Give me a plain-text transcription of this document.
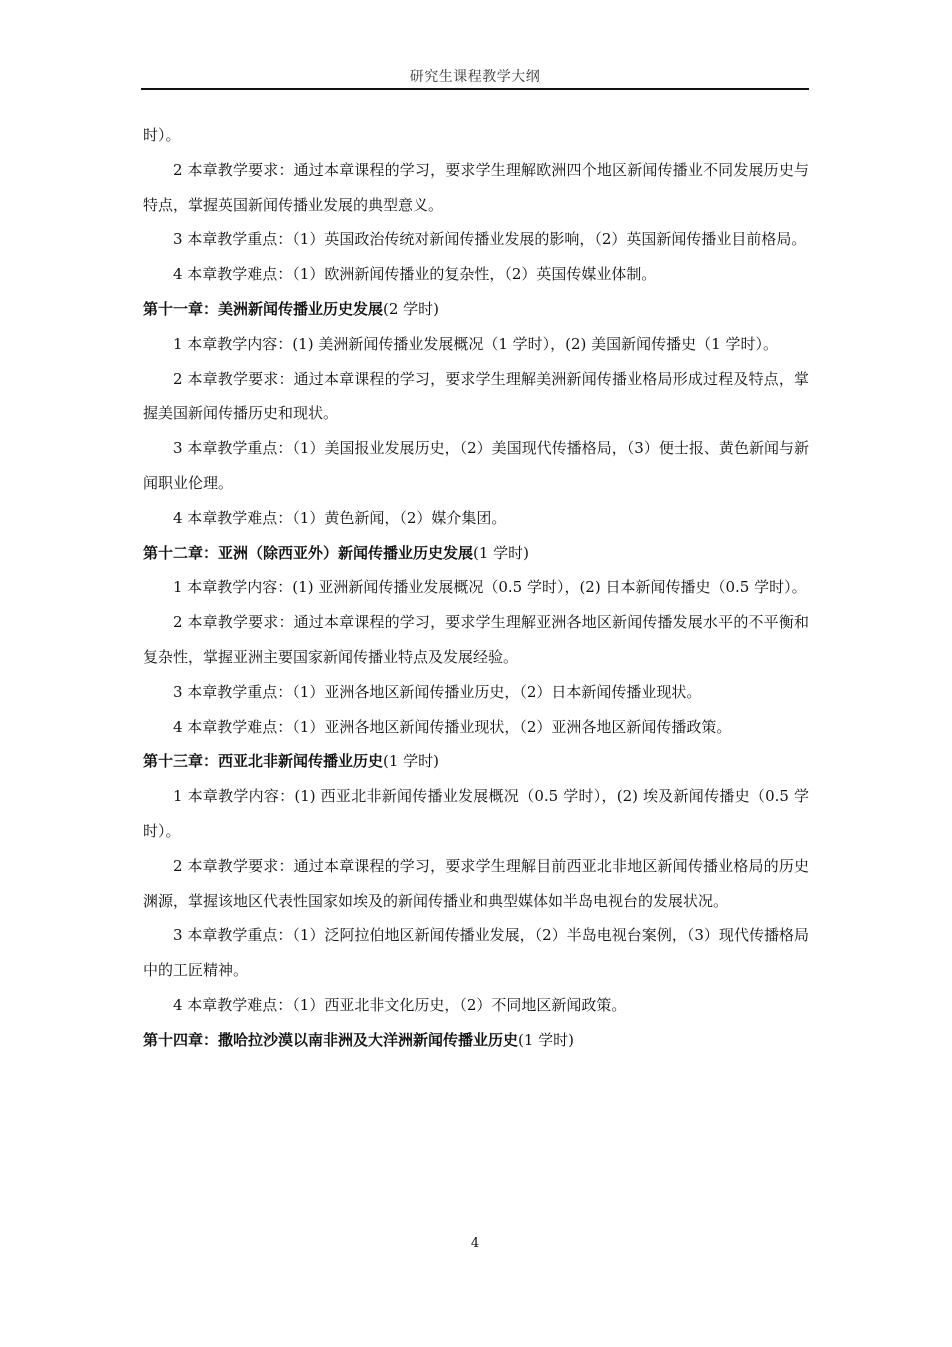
研究生课程教学大纲

时）。

2 本章教学要求：通过本章课程的学习，要求学生理解欧洲四个地区新闻传播业不同发展历史与特点，掌握英国新闻传播业发展的典型意义。

3 本章教学重点：（1）英国政治传统对新闻传播业发展的影响，（2）英国新闻传播业目前格局。

4 本章教学难点：（1）欧洲新闻传播业的复杂性，（2）英国传媒业体制。

第十一章：美洲新闻传播业历史发展(2 学时)

1 本章教学内容：(1) 美洲新闻传播业发展概况（1 学时），(2) 美国新闻传播史（1 学时）。

2 本章教学要求：通过本章课程的学习，要求学生理解美洲新闻传播业格局形成过程及特点，掌握美国新闻传播历史和现状。

3 本章教学重点：（1）美国报业发展历史，（2）美国现代传播格局，（3）便士报、黄色新闻与新闻职业伦理。

4 本章教学难点：（1）黄色新闻，（2）媒介集团。

第十二章：亚洲（除西亚外）新闻传播业历史发展(1 学时)

1 本章教学内容：(1) 亚洲新闻传播业发展概况（0.5 学时），(2) 日本新闻传播史（0.5 学时）。

2 本章教学要求：通过本章课程的学习，要求学生理解亚洲各地区新闻传播发展水平的不平衡和复杂性，掌握亚洲主要国家新闻传播业特点及发展经验。

3 本章教学重点：（1）亚洲各地区新闻传播业历史，（2）日本新闻传播业现状。

4 本章教学难点：（1）亚洲各地区新闻传播业现状，（2）亚洲各地区新闻传播政策。

第十三章：西亚北非新闻传播业历史(1 学时)

1 本章教学内容：(1) 西亚北非新闻传播业发展概况（0.5 学时），(2) 埃及新闻传播史（0.5 学时）。

2 本章教学要求：通过本章课程的学习，要求学生理解目前西亚北非地区新闻传播业格局的历史渊源，掌握该地区代表性国家如埃及的新闻传播业和典型媒体如半岛电视台的发展状况。

3 本章教学重点：（1）泛阿拉伯地区新闻传播业发展，（2）半岛电视台案例，（3）现代传播格局中的工匠精神。

4 本章教学难点：（1）西亚北非文化历史，（2）不同地区新闻政策。

第十四章：撒哈拉沙漠以南非洲及大洋洲新闻传播业历史(1 学时)

4
